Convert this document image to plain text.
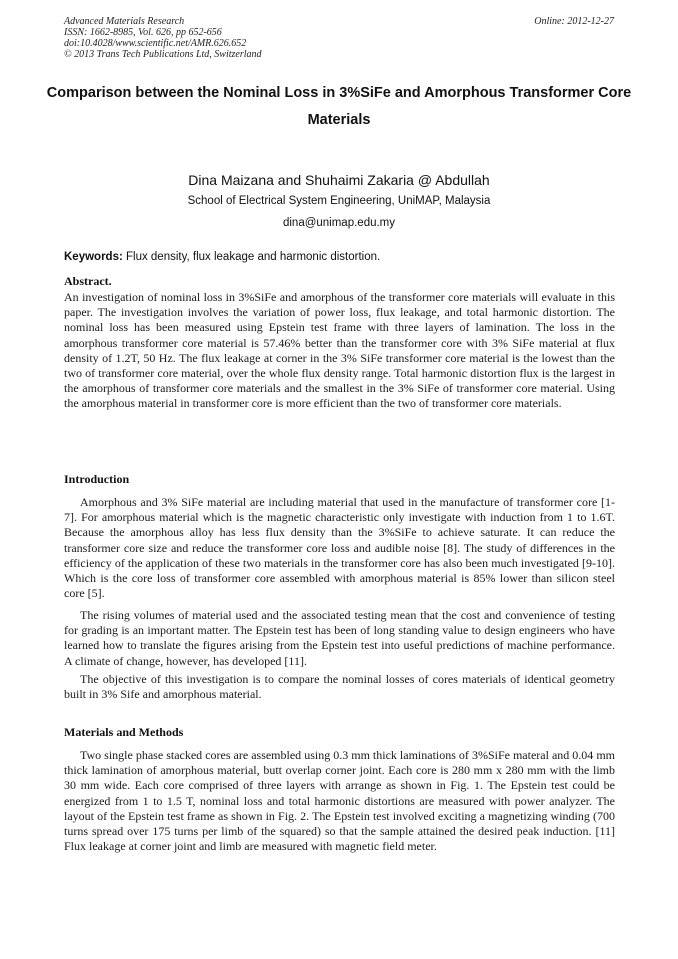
Advanced Materials Research
ISSN: 1662-8985, Vol. 626, pp 652-656
doi:10.4028/www.scientific.net/AMR.626.652
© 2013 Trans Tech Publications Ltd, Switzerland
Online: 2012-12-27
Comparison between the Nominal Loss in 3%SiFe and Amorphous Transformer Core Materials
Dina Maizana and Shuhaimi Zakaria @ Abdullah
School of Electrical System Engineering, UniMAP, Malaysia
dina@unimap.edu.my
Keywords: Flux density, flux leakage and harmonic distortion.
Abstract.

An investigation of nominal loss in 3%SiFe and amorphous of the transformer core materials will evaluate in this paper. The investigation involves the variation of power loss, flux leakage, and total harmonic distortion. The nominal loss has been measured using Epstein test frame with three layers of lamination. The loss in the amorphous transformer core material is 57.46% better than the transformer core with 3% SiFe material at flux density of 1.2T, 50 Hz. The flux leakage at corner in the 3% SiFe transformer core material is the lowest than the two of transformer core material, over the whole flux density range. Total harmonic distortion flux is the largest in the amorphous of transformer core materials and the smallest in the 3% SiFe of transformer core material. Using the amorphous material in transformer core is more efficient than the two of transformer core materials.

Introduction

Amorphous and 3% SiFe material are including material that used in the manufacture of transformer core [1-7]. For amorphous material which is the magnetic characteristic only investigate with induction from 1 to 1.6T. Because the amorphous alloy has less flux density than the 3%SiFe to achieve saturate. It can reduce the transformer core size and reduce the transformer core loss and audible noise [8]. The study of differences in the efficiency of the application of these two materials in the transformer core has also been much investigated [9-10]. Which is the core loss of transformer core assembled with amorphous material is 85% lower than silicon steel core [5].

The rising volumes of material used and the associated testing mean that the cost and convenience of testing for grading is an important matter. The Epstein test has been of long standing value to design engineers who have learned how to translate the figures arising from the Epstein test into useful predictions of machine performance. A climate of change, however, has developed [11].

The objective of this investigation is to compare the nominal losses of cores materials of identical geometry built in 3% Sife and amorphous material.

Materials and Methods

Two single phase stacked cores are assembled using 0.3 mm thick laminations of 3%SiFe materal and 0.04 mm thick lamination of amorphous material, butt overlap corner joint. Each core is 280 mm x 280 mm with the limb 30 mm wide. Each core comprised of three layers with arrange as shown in Fig. 1. The Epstein test could be energized from 1 to 1.5 T, nominal loss and total harmonic distortions are measured with power analyzer. The layout of the Epstein test frame as shown in Fig. 2. The Epstein test involved exciting a magnetizing winding (700 turns spread over 175 turns per limb of the squared) so that the sample attained the desired peak induction. [11] Flux leakage at corner joint and limb are measured with magnetic field meter.
